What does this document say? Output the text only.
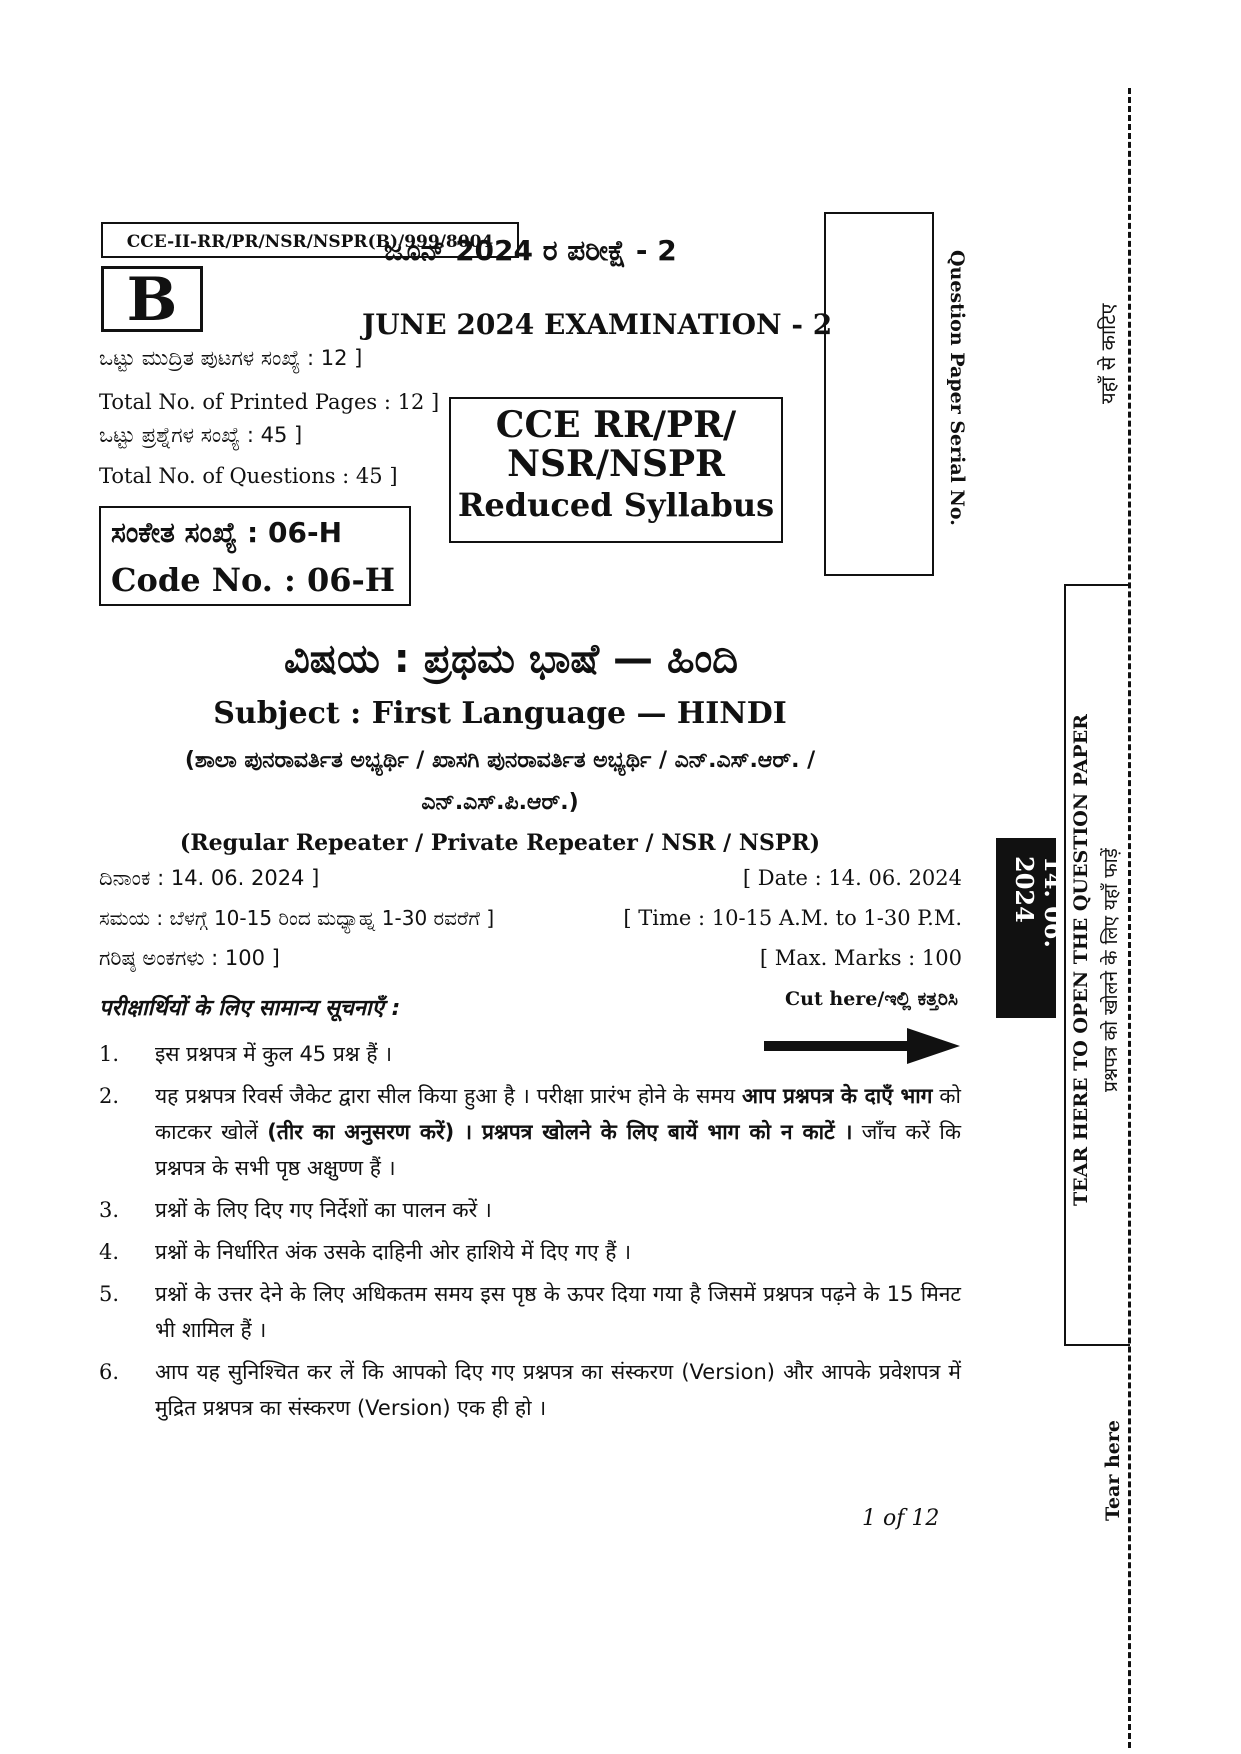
CCE-II-RR/PR/NSR/NSPR(B)/999/8004
B
ಜೂನ್ 2024 ರ ಪರೀಕ್ಷೆ - 2
JUNE 2024 EXAMINATION - 2
ಒಟ್ಟು ಮುದ್ರಿತ ಪುಟಗಳ ಸಂಖ್ಯೆ : 12 ]
Total No. of Printed Pages : 12 ]
ಒಟ್ಟು ಪ್ರಶ್ನೆಗಳ ಸಂಖ್ಯೆ : 45 ]
Total No. of Questions : 45 ]
CCE RR/PR/
NSR/NSPR
Reduced Syllabus
ಸಂಕೇತ ಸಂಖ್ಯೆ : 06-H
Code No. : 06-H
Question Paper Serial No.
ವಿಷಯ : ಪ್ರಥಮ ಭಾಷೆ — ಹಿಂದಿ
Subject : First Language — HINDI
(ಶಾಲಾ ಪುನರಾವರ್ತಿತ ಅಭ್ಯರ್ಥಿ / ಖಾಸಗಿ ಪುನರಾವರ್ತಿತ ಅಭ್ಯರ್ಥಿ / ಎನ್.ಎಸ್.ಆರ್. /
ಎನ್.ಎಸ್.ಪಿ.ಆರ್.)
(Regular Repeater / Private Repeater / NSR / NSPR)
ದಿನಾಂಕ : 14. 06. 2024 ]	[ Date : 14. 06. 2024
ಸಮಯ : ಬೆಳಗ್ಗೆ 10-15 ರಿಂದ ಮಧ್ಯಾಹ್ನ 1-30 ರವರೆಗೆ ]	[ Time : 10-15 A.M. to 1-30 P.M.
ಗರಿಷ್ಠ ಅಂಕಗಳು : 100 ]	[ Max. Marks : 100
परीक्षार्थियों के लिए सामान्य सूचनाएँ :	Cut here/ಇಲ್ಲಿ ಕತ್ತರಿಸಿ
1.	इस प्रश्नपत्र में कुल 45 प्रश्न हैं ।
2.	यह प्रश्नपत्र रिवर्स जैकेट द्वारा सील किया हुआ है । परीक्षा प्रारंभ होने के समय आप प्रश्नपत्र के दाएँ भाग को काटकर खोलें (तीर का अनुसरण करें) । प्रश्नपत्र खोलने के लिए बायें भाग को न काटें । जाँच करें कि प्रश्नपत्र के सभी पृष्ठ अक्षुण्ण हैं ।
3.	प्रश्नों के लिए दिए गए निर्देशों का पालन करें ।
4.	प्रश्नों के निर्धारित अंक उसके दाहिनी ओर हाशिये में दिए गए हैं ।
5.	प्रश्नों के उत्तर देने के लिए अधिकतम समय इस पृष्ठ के ऊपर दिया गया है जिसमें प्रश्नपत्र पढ़ने के 15 मिनट भी शामिल हैं ।
6.	आप यह सुनिश्चित कर लें कि आपको दिए गए प्रश्नपत्र का संस्करण (Version) और आपके प्रवेशपत्र में मुद्रित प्रश्नपत्र का संस्करण (Version) एक ही हो ।
1 of 12
यहाँ से काटिए
14. 06. 2024	TEAR HERE TO OPEN THE QUESTION PAPER प्रश्नपत्र को खोलने के लिए यहाँ फाड़ें
Tear here
